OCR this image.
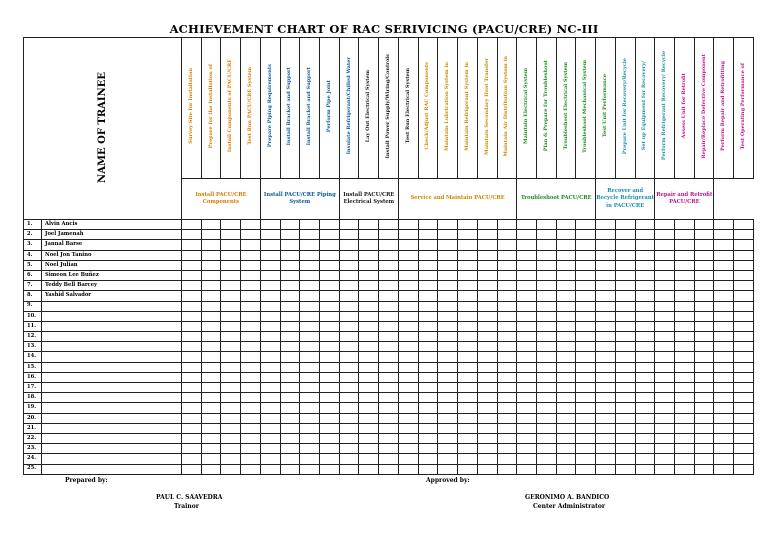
ACHIEVEMENT CHART OF RAC SERIVICING (PACU/CRE) NC-III
NAME OF TRAINEE		Survey Site for Installation	Prepare for the Installation of	Install Components of PACU/CRE	Test Run PACU/CRE System	Prepare Piping Requirements	Install Bracket and Support	Install Bracket and Support	Perform Pipe Joint	Insulate Refrigerant/Chilled Water	Lay Out Electrical System	Install Power Supply/Wiring/Controls	Test Run Electrical System	Check/Adjust RAC Components	Maintain Lubrication System in	Maintain Refrigerant System in	Maintain Secondary Heat Transfer	Maintain Air Distribution System in	Maintain Electrical System	Plan & Prepare for Troubleshoot	Troubleshoot Electrical System	Troubleshoot Mechanical System	Test Unit Performance	Prepare Unit for Recovery/Recycle	Set up Equipment for Recovery/	Perform Refrigerant Recovery/ Recycle	Assess Unit for Retrofit	Repair/Replace Defective Component	Perform Repair and Retrofitting	Test Operating Performance of
		Install PACU/CRE Components				Install PACU/CRE Piping System				Install PACU/CRE Electrical System			Service and Maintain PACU/CRE						Troubleshoot PACU/CRE				Recover and Recycle Refrigerant in PACU/CRE			Repair and Retrofit PACU/CRE				
1.	Alvin Ancis																													
2.	Joel Jamenah																													
3.	Jannal Barse																													
4.	Noel Jon Tanino																													
5.	Noel Julian																													
6.	Simeon Lee Buñez																													
7.	Teddy Bell Barcey																													
8.	Yashid Salvador																													
9.																														
10.																														
11.																														
12.																														
13.																														
14.																														
15.																														
16.																														
17.																														
18.																														
19.																														
20.																														
21.																														
22.																														
23.																														
24.																														
25.																														
Prepared by:
PAUL C. SAAVEDRA
Trainor
Approved by:
GERONIMO A. BANDICO
Center Administrator
